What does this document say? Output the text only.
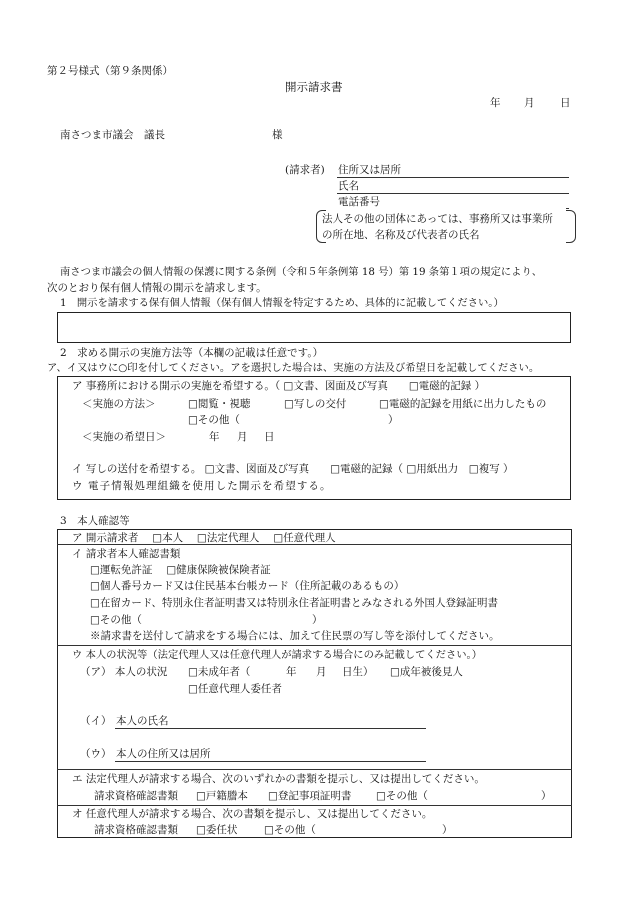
第２号様式（第９条関係）
開示請求書
年 月 日
南さつま市議会　議長	様
(請求者) 住所又は居所
氏名
電話番号
法人その他の団体にあっては、事務所又は事業所
の所在地、名称及び代表者の氏名
南さつま市議会の個人情報の保護に関する条例（令和５年条例第 18 号）第 19 条第１項の規定により、
次のとおり保有個人情報の開示を請求します。
1　開示を請求する保有個人情報（保有個人情報を特定するため、具体的に記載してください。）
2　求める開示の実施方法等（本欄の記載は任意です。）
ア、イ又はウに○印を付してください。アを選択した場合は、実施の方法及び希望日を記載してください。
ア 事務所における開示の実施を希望する。（ □文書、図面及び写真　　□電磁的記録 ）
＜実施の方法＞	□閲覧・視聴	□写しの交付	□電磁的記録を用紙に出力したもの
□その他（	）
＜実施の希望日＞	年 月 日
イ 写しの送付を希望する。 □文書、図面及び写真　　□電磁的記録（ □用紙出力　□複写 ）
ウ 電子情報処理組織を使用した開示を希望する。
3　本人確認等
ア 開示請求者　 □本人　 □法定代理人　 □任意代理人
イ 請求者本人確認書類
□運転免許証　 □健康保険被保険者証
□個人番号カード又は住民基本台帳カード（住所記載のあるもの）
□在留カード、特別永住者証明書又は特別永住者証明書とみなされる外国人登録証明書
□その他（	）
※請求書を送付して請求をする場合には、加えて住民票の写し等を添付してください。
ウ 本人の状況等（法定代理人又は任意代理人が請求する場合にのみ記載してください。）
（ア） 本人の状況 □未成年者（	年 月 日生） □成年被後見人
□任意代理人委任者
（イ） 本人の氏名
（ウ） 本人の住所又は居所
エ 法定代理人が請求する場合、次のいずれかの書類を提示し、又は提出してください。
請求資格確認書類 □戸籍謄本 □登記事項証明書 □その他（	）
オ 任意代理人が請求する場合、次の書類を提示し、又は提出してください。
請求資格確認書類 □委任状	□その他（	）
